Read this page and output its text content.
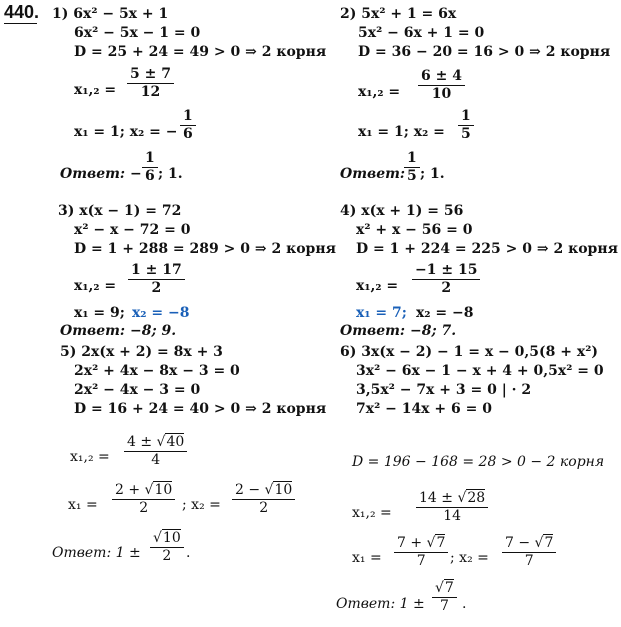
440. 1) 6x² − 5x + 1
6x² − 5x − 1 = 0
D = 25 + 24 = 49 > 0 ⇒ 2 корня
$x_1,_2 = \frac{5 \pm 7}{12}$
x₁ = 1; x₂ = − $\frac{1}{6}$
Ответ: − $\frac{1}{6}$ ; 1.
2) 5x² + 1 = 6x
5x² − 6x + 1 = 0
D = 36 − 20 = 16 > 0 ⇒ 2 корня
$x_1,_2 = \frac{6 \pm 4}{10}$
x₁ = 1; $x_2 = \frac{1}{5}$
Ответ:
$\frac{1}{5}$ ; 1.
3) x(x − 1) = 72
x² − x − 72 = 0
D = 1 + 288 = 289 > 0 ⇒ 2 корня
$x_1,_2 = \frac{1 \pm 17}{2}$
x₁ = 9; x₂ = −8
Ответ: −8; 9.
4) x(x + 1) = 56
x² + x − 56 = 0
D = 1 + 224 = 225 > 0 ⇒ 2 корня
$x_1,_2 = \frac{-1 \pm 15}{2}$
x₁ = 7; x₂ = −8
Ответ: −8; 7.
5) 2x(x + 2) = 8x + 3
2x² + 4x − 8x − 3 = 0
2x² − 4x − 3 = 0
D = 16 + 24 = 40 > 0 ⇒ 2 корня
$x_1,_2 = \frac{4 \pm √40}{4}$
$x_1 = \frac{2 + √10}{2}$ ; $x_2 = \frac{2 - √10}{2}$
Ответ: $1 \pm \frac{√10}{2}$ .
6) 3x(x − 2) − 1 = x − 0,5(8 + x²)
3x² − 6x − 1 − x + 4 + 0,5x² = 0
3,5x² − 7x + 3 = 0 | · 2
7x² − 14x + 6 = 0
D = 196 − 168 = 28 > 0 − 2 корня
$x_1,_2 = \frac{14 \pm √28}{14}$
$x_1 = \frac{7 + √7}{7}$ ; $x_2 = \frac{7 - √7}{7}$
Ответ: $1 \pm \frac{√7}{7}$ .
